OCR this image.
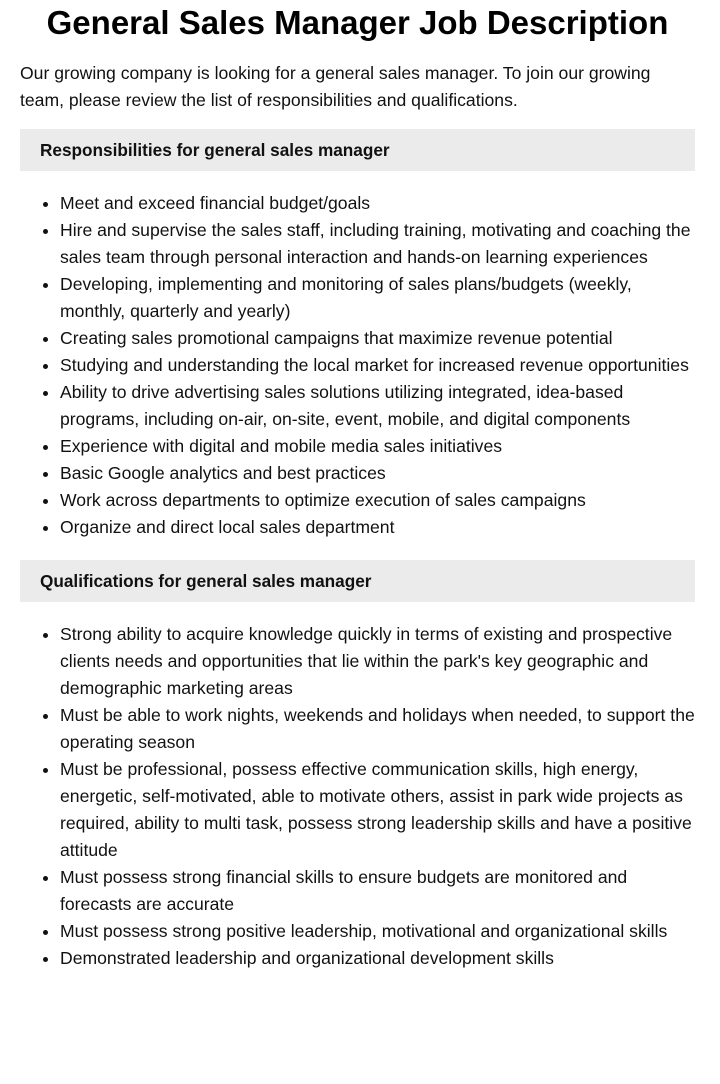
General Sales Manager Job Description

Our growing company is looking for a general sales manager. To join our growing team, please review the list of responsibilities and qualifications.

Responsibilities for general sales manager
• Meet and exceed financial budget/goals
• Hire and supervise the sales staff, including training, motivating and coaching the sales team through personal interaction and hands-on learning experiences
• Developing, implementing and monitoring of sales plans/budgets (weekly, monthly, quarterly and yearly)
• Creating sales promotional campaigns that maximize revenue potential
• Studying and understanding the local market for increased revenue opportunities
• Ability to drive advertising sales solutions utilizing integrated, idea-based programs, including on-air, on-site, event, mobile, and digital components
• Experience with digital and mobile media sales initiatives
• Basic Google analytics and best practices
• Work across departments to optimize execution of sales campaigns
• Organize and direct local sales department
Qualifications for general sales manager
• Strong ability to acquire knowledge quickly in terms of existing and prospective clients needs and opportunities that lie within the park's key geographic and demographic marketing areas
• Must be able to work nights, weekends and holidays when needed, to support the operating season
• Must be professional, possess effective communication skills, high energy, energetic, self-motivated, able to motivate others, assist in park wide projects as required, ability to multi task, possess strong leadership skills and have a positive attitude
• Must possess strong financial skills to ensure budgets are monitored and forecasts are accurate
• Must possess strong positive leadership, motivational and organizational skills
• Demonstrated leadership and organizational development skills
